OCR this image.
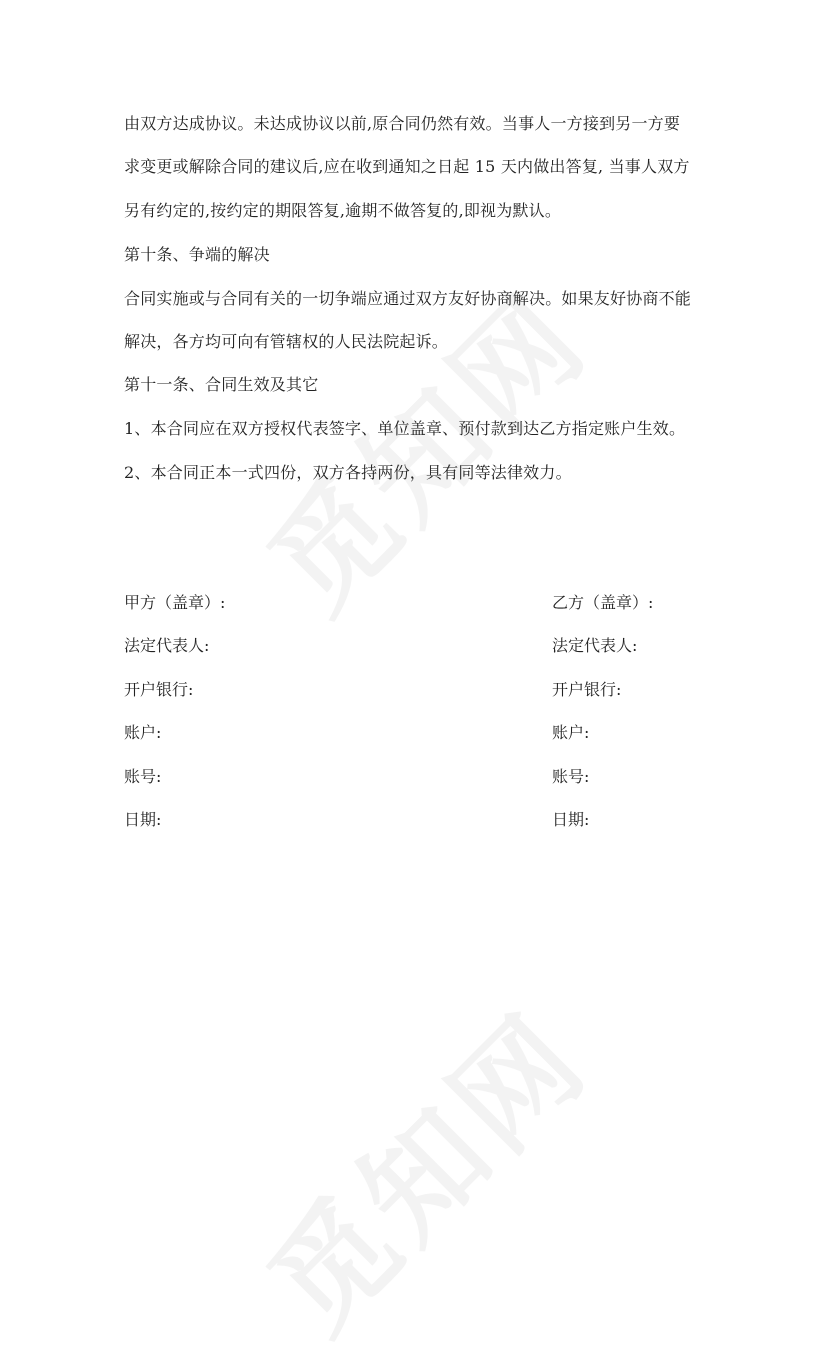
由双方达成协议。未达成协议以前,原合同仍然有效。当事人一方接到另一方要

求变更或解除合同的建议后,应在收到通知之日起 15 天内做出答复, 当事人双方

另有约定的,按约定的期限答复,逾期不做答复的,即视为默认。

第十条、争端的解决

合同实施或与合同有关的一切争端应通过双方友好协商解决。如果友好协商不能

解决，各方均可向有管辖权的人民法院起诉。

第十一条、合同生效及其它

1、本合同应在双方授权代表签字、单位盖章、预付款到达乙方指定账户生效。

2、本合同正本一式四份，双方各持两份，具有同等法律效力。

甲方（盖章）:

法定代表人:

开户银行:

账户:

账号:

日期:

乙方（盖章）:

法定代表人:

开户银行:

账户:

账号:

日期:
